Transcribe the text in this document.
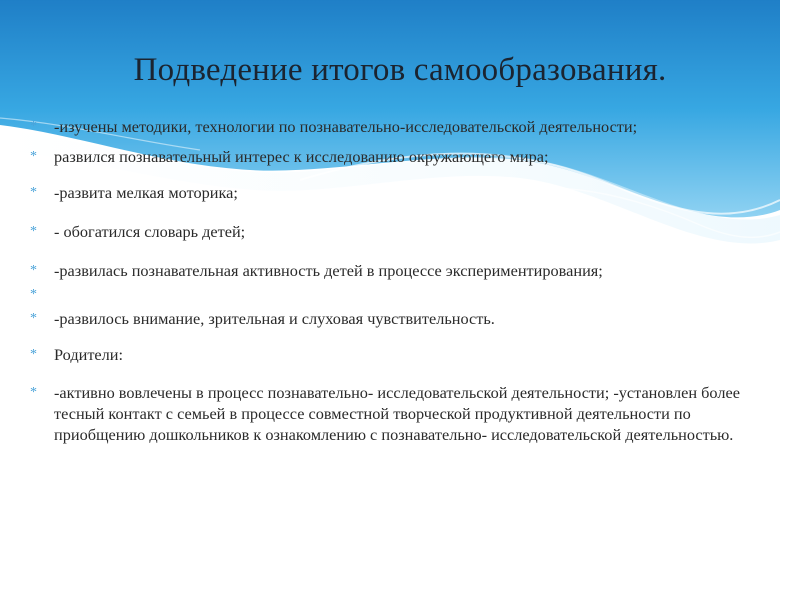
Подведение итогов самообразования.
* -изучены методики, технологии по познавательно-исследовательской деятельности;
* развился познавательный интерес к исследованию окружающего мира;
* -развита мелкая моторика;
* - обогатился словарь детей;
* -развилась познавательная активность детей в процессе экспериментирования;
*
* -развилось внимание, зрительная и слуховая чувствительность.
* Родители:
* -активно вовлечены в процесс познавательно- исследовательской деятельности; -установлен более тесный контакт с семьей в процессе совместной творческой продуктивной деятельности по приобщению дошкольников к ознакомлению с познавательно- исследовательской деятельностью.
